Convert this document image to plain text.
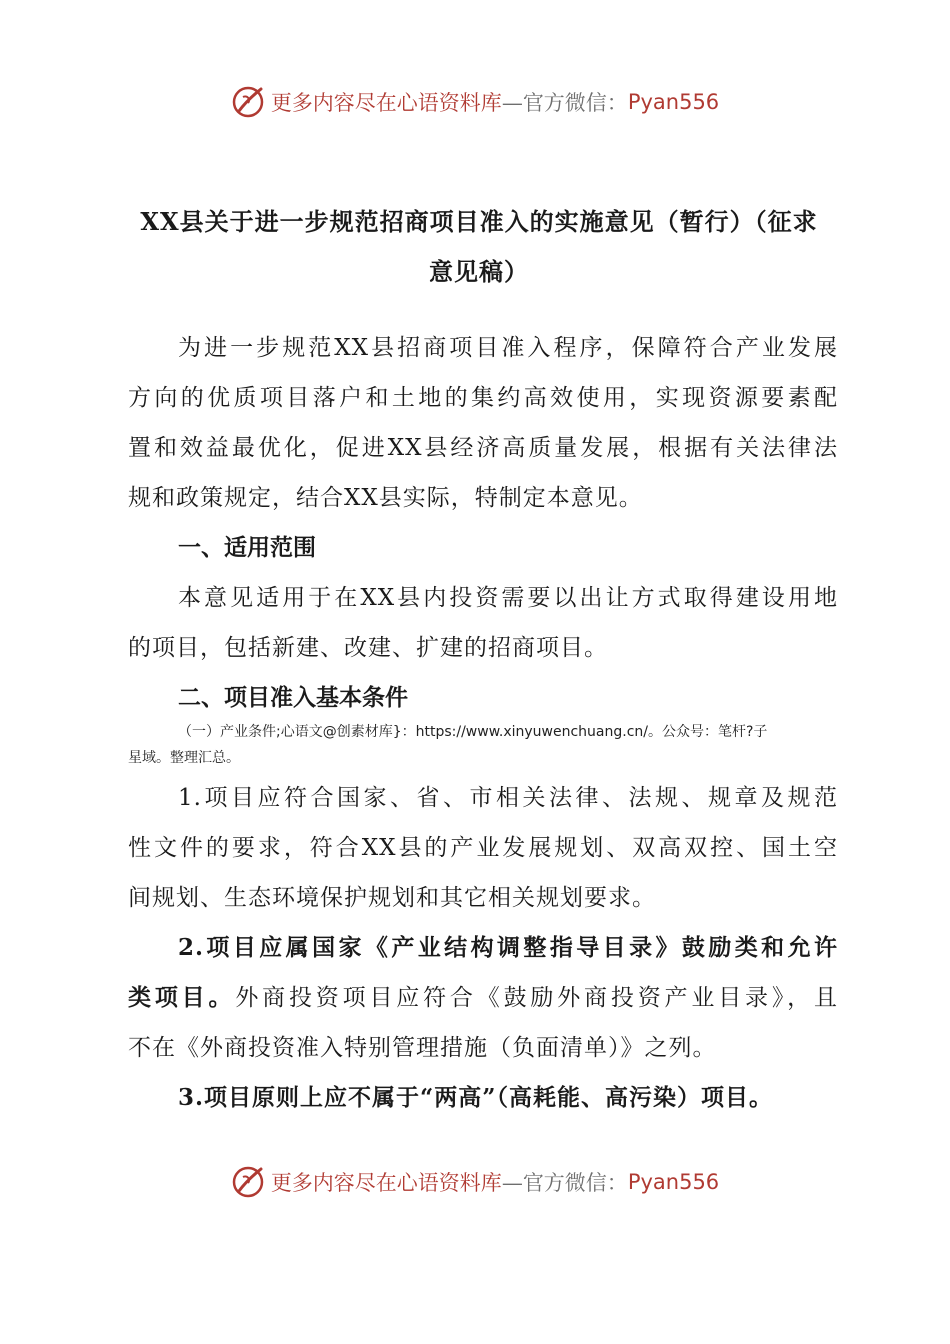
更多内容尽在心语资料库 —官方微信： Pyan556
XX县关于进一步规范招商项目准入的实施意见（暂行）（征求
意见稿）
为进一步规范XX县招商项目准入程序，保障符合产业发展
方向的优质项目落户和土地的集约高效使用，实现资源要素配
置和效益最优化，促进XX县经济高质量发展，根据有关法律法
规和政策规定，结合XX县实际，特制定本意见。
一、适用范围
本意见适用于在XX县内投资需要以出让方式取得建设用地
的项目，包括新建、改建、扩建的招商项目。
二、项目准入基本条件
（一）产业条件;心语文@创素材库}：https://www.xinyuwenchuang.cn/。公众号：笔杆?子
星域。整理汇总。
1.项目应符合国家、省、市相关法律、法规、规章及规范
性文件的要求，符合XX县的产业发展规划、双高双控、国土空
间规划、生态环境保护规划和其它相关规划要求。
2.项目应属国家《产业结构调整指导目录》鼓励类和允许
类项目。外商投资项目应符合《鼓励外商投资产业目录》，且
不在《外商投资准入特别管理措施（负面清单）》之列。
3.项目原则上应不属于“两高”（高耗能、高污染）项目。
更多内容尽在心语资料库 —官方微信： Pyan556
